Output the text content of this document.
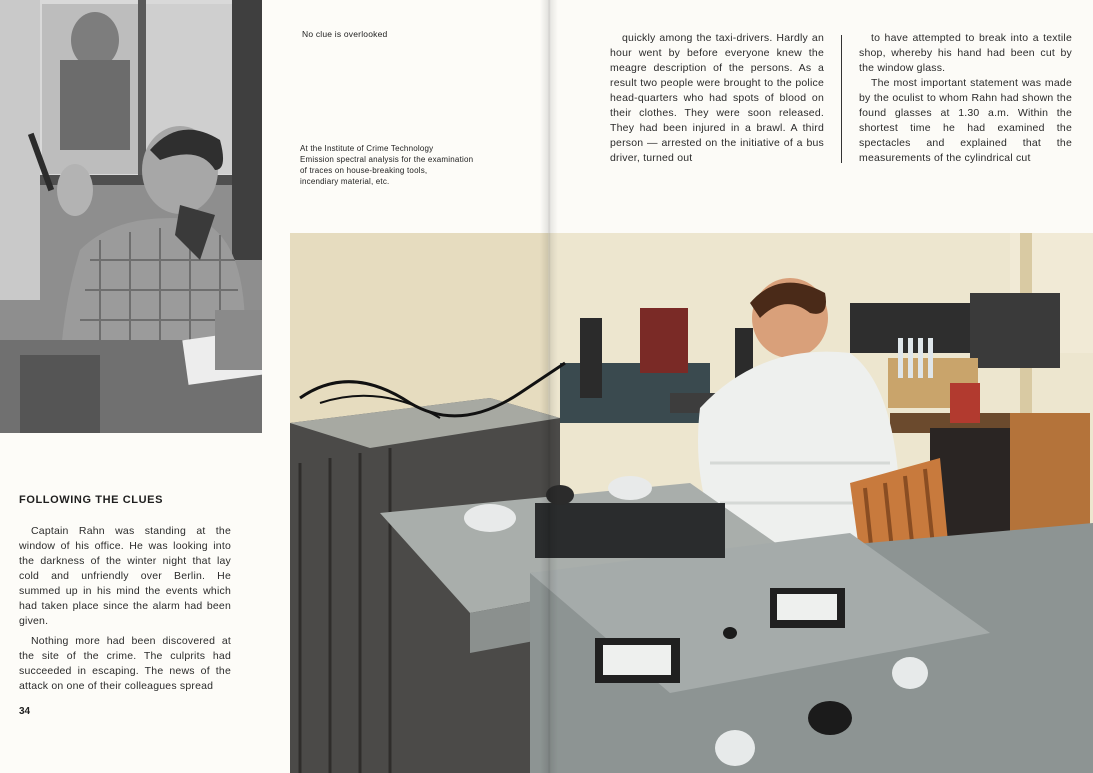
No clue is overlooked
At the Institute of Crime Technology
Emission spectral analysis for the examination
of traces on house-breaking tools,
incendiary material, etc.
FOLLOWING THE CLUES

Captain Rahn was standing at the window of his office. He was looking into the darkness of the winter night that lay cold and unfriendly over Berlin. He summed up in his mind the events which had taken place since the alarm had been given.

Nothing more had been discovered at the site of the crime. The culprits had succeeded in escaping. The news of the attack on one of their colleagues spread

34

quickly among the taxi-drivers. Hardly an hour went by before everyone knew the meagre description of the persons. As a result two people were brought to the police head-quarters who had spots of blood on their clothes. They were soon released. They had been injured in a brawl. A third person — arrested on the initiative of a bus driver, turned out

to have attempted to break into a textile shop, whereby his hand had been cut by the window glass.

The most important statement was made by the oculist to whom Rahn had shown the found glasses at 1.30 a.m. Within the shortest time he had examined the spectacles and explained that the measurements of the cylindrical cut
